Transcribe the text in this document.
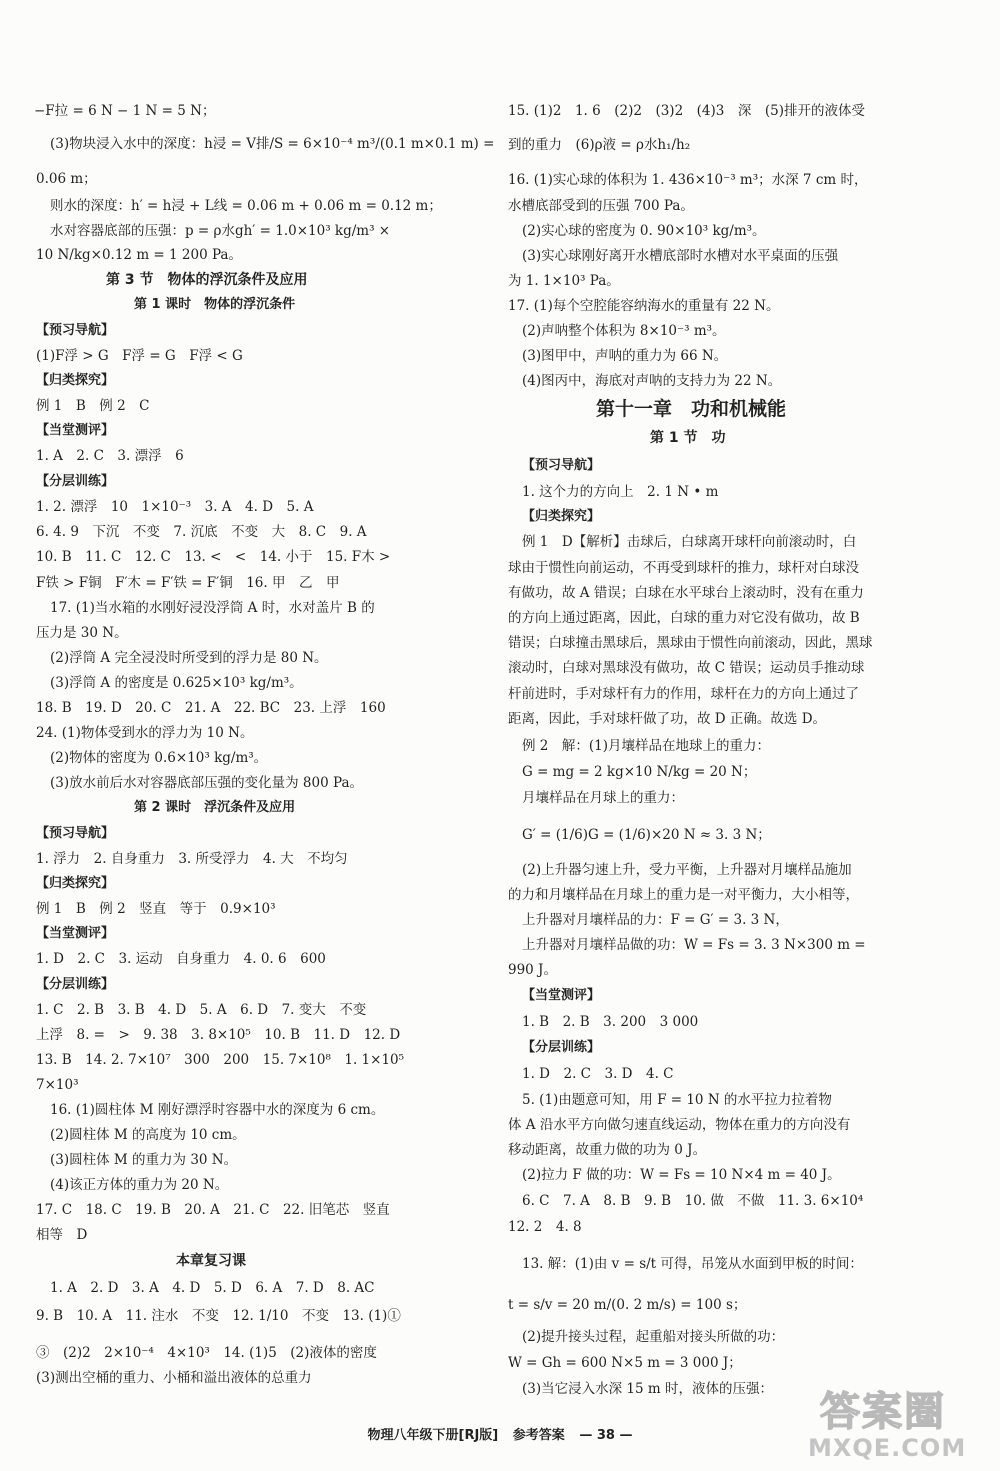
−F拉 = 6 N − 1 N = 5 N；
(3)物块浸入水中的深度：h浸 = V排/S = 6×10⁻⁴ m³/(0.1 m×0.1 m) =
0.06 m；
则水的深度：h′ = h浸 + L线 = 0.06 m + 0.06 m = 0.12 m；
水对容器底部的压强：p = ρ水gh′ = 1.0×10³ kg/m³ ×
10 N/kg×0.12 m = 1 200 Pa。
第 3 节　物体的浮沉条件及应用
第 1 课时　物体的浮沉条件
【预习导航】
(1)F浮 > G　F浮 = G　F浮 < G
【归类探究】
例 1　B　例 2　C
【当堂测评】
1. A　2. C　3. 漂浮　6
【分层训练】
1. 2. 漂浮　10　1×10⁻³　3. A　4. D　5. A
6. 4. 9　下沉　不变　7. 沉底　不变　大　8. C　9. A
10. B　11. C　12. C　13. <　<　14. 小于　15. F木 >
F铁 > F铜　F′木 = F′铁 = F′铜　16. 甲　乙　甲
17. (1)当水箱的水刚好浸没浮筒 A 时，水对盖片 B 的
压力是 30 N。
(2)浮筒 A 完全浸没时所受到的浮力是 80 N。
(3)浮筒 A 的密度是 0.625×10³ kg/m³。
18. B　19. D　20. C　21. A　22. BC　23. 上浮　160
24. (1)物体受到水的浮力为 10 N。
(2)物体的密度为 0.6×10³ kg/m³。
(3)放水前后水对容器底部压强的变化量为 800 Pa。
第 2 课时　浮沉条件及应用
【预习导航】
1. 浮力　2. 自身重力　3. 所受浮力　4. 大　不均匀
【归类探究】
例 1　B　例 2　竖直　等于　0.9×10³
【当堂测评】
1. D　2. C　3. 运动　自身重力　4. 0. 6　600
【分层训练】
1. C　2. B　3. B　4. D　5. A　6. D　7. 变大　不变
上浮　8. =　>　9. 38　3. 8×10⁵　10. B　11. D　12. D
13. B　14. 2. 7×10⁷　300　200　15. 7×10⁸　1. 1×10⁵
7×10³
16. (1)圆柱体 M 刚好漂浮时容器中水的深度为 6 cm。
(2)圆柱体 M 的高度为 10 cm。
(3)圆柱体 M 的重力为 30 N。
(4)该正方体的重力为 20 N。
17. C　18. C　19. B　20. A　21. C　22. 旧笔芯　竖直
相等　D
本章复习课
1. A　2. D　3. A　4. D　5. D　6. A　7. D　8. AC
9. B　10. A　11. 注水　不变　12. 1/10　不变　13. (1)①
③　(2)2　2×10⁻⁴　4×10³　14. (1)5　(2)液体的密度
(3)测出空桶的重力、小桶和溢出液体的总重力
15. (1)2　1. 6　(2)2　(3)2　(4)3　深　(5)排开的液体受
到的重力　(6)ρ液 = ρ水h₁/h₂
16. (1)实心球的体积为 1. 436×10⁻³ m³；水深 7 cm 时，
水槽底部受到的压强 700 Pa。
(2)实心球的密度为 0. 90×10³ kg/m³。
(3)实心球刚好离开水槽底部时水槽对水平桌面的压强
为 1. 1×10³ Pa。
17. (1)每个空腔能容纳海水的重量有 22 N。
(2)声呐整个体积为 8×10⁻³ m³。
(3)图甲中，声呐的重力为 66 N。
(4)图丙中，海底对声呐的支持力为 22 N。
第十一章　功和机械能
第 1 节　功
【预习导航】
1. 这个力的方向上　2. 1 N • m
【归类探究】
例 1　D【解析】击球后，白球离开球杆向前滚动时，白
球由于惯性向前运动，不再受到球杆的推力，球杆对白球没
有做功，故 A 错误；白球在水平球台上滚动时，没有在重力
的方向上通过距离，因此，白球的重力对它没有做功，故 B
错误；白球撞击黑球后，黑球由于惯性向前滚动，因此，黑球
滚动时，白球对黑球没有做功，故 C 错误；运动员手推动球
杆前进时，手对球杆有力的作用，球杆在力的方向上通过了
距离，因此，手对球杆做了功，故 D 正确。故选 D。
例 2　解：(1)月壤样品在地球上的重力：
G = mg = 2 kg×10 N/kg = 20 N；
月壤样品在月球上的重力：
G′ = (1/6)G = (1/6)×20 N ≈ 3. 3 N；
(2)上升器匀速上升，受力平衡，上升器对月壤样品施加
的力和月壤样品在月球上的重力是一对平衡力，大小相等，
上升器对月壤样品的力：F = G′ = 3. 3 N，
上升器对月壤样品做的功：W = Fs = 3. 3 N×300 m =
990 J。
【当堂测评】
1. B　2. B　3. 200　3 000
【分层训练】
1. D　2. C　3. D　4. C
5. (1)由题意可知，用 F = 10 N 的水平拉力拉着物
体 A 沿水平方向做匀速直线运动，物体在重力的方向没有
移动距离，故重力做的功为 0 J。
(2)拉力 F 做的功：W = Fs = 10 N×4 m = 40 J。
6. C　7. A　8. B　9. B　10. 做　不做　11. 3. 6×10⁴
12. 2　4. 8
13. 解：(1)由 v = s/t 可得，吊笼从水面到甲板的时间：
t = s/v = 20 m/(0. 2 m/s) = 100 s；
(2)提升接头过程，起重船对接头所做的功：
W = Gh = 600 N×5 m = 3 000 J；
(3)当它浸入水深 15 m 时，液体的压强：
物理八年级下册[RJ版] 参考答案 — 38 —
答案圈
MXQE.COM
